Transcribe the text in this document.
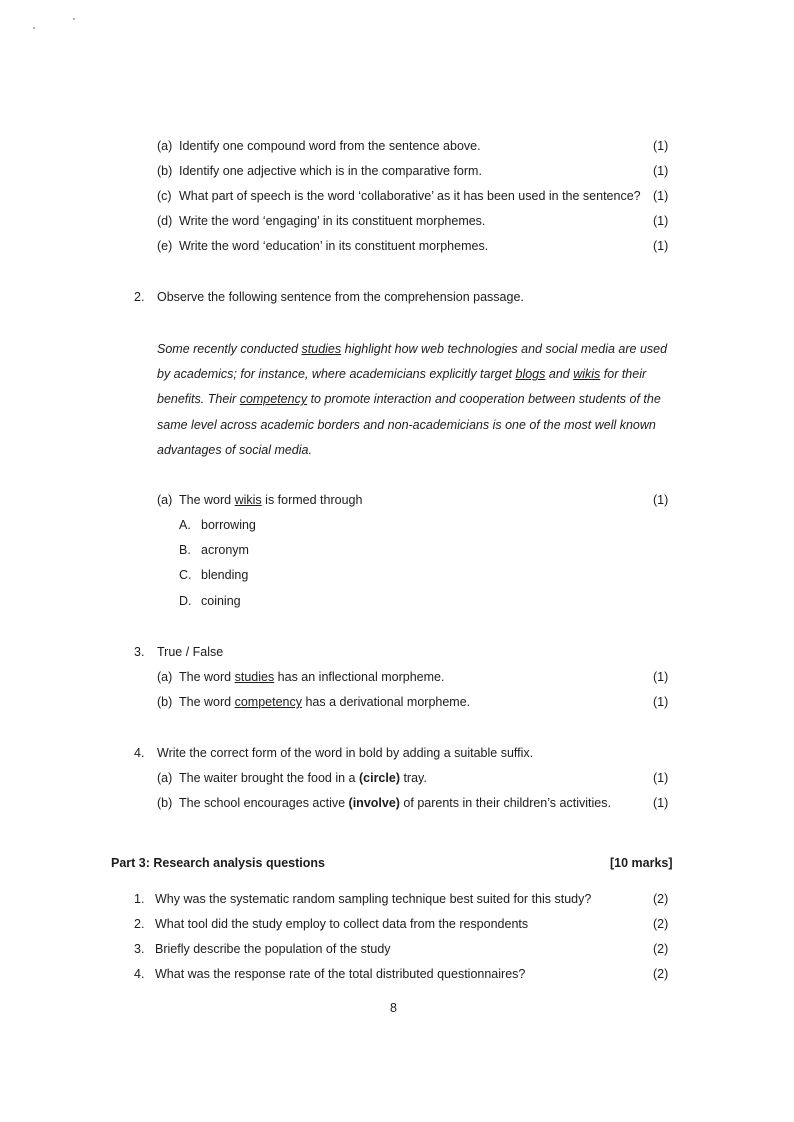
(a) Identify one compound word from the sentence above.	(1)
(b) Identify one adjective which is in the comparative form.	(1)
(c) What part of speech is the word ‘collaborative’ as it has been used in the sentence? (1)
(d) Write the word ‘engaging’ in its constituent morphemes.	(1)
(e) Write the word ‘education’ in its constituent morphemes.	(1)
2. Observe the following sentence from the comprehension passage.
Some recently conducted studies highlight how web technologies and social media are used
by academics; for instance, where academicians explicitly target blogs and wikis for their
benefits. Their competency to promote interaction and cooperation between students of the
same level across academic borders and non-academicians is one of the most well known
advantages of social media.
(a) The word wikis is formed through	(1)
A. borrowing
B. acronym
C. blending
D. coining
3. True / False
(a) The word studies has an inflectional morpheme.	(1)
(b) The word competency has a derivational morpheme.	(1)
4. Write the correct form of the word in bold by adding a suitable suffix.
(a) The waiter brought the food in a (circle) tray.	(1)
(b) The school encourages active (involve) of parents in their children’s activities.	(1)
Part 3: Research analysis questions	[10 marks]
1. Why was the systematic random sampling technique best suited for this study?	(2)
2. What tool did the study employ to collect data from the respondents	(2)
3. Briefly describe the population of the study	(2)
4. What was the response rate of the total distributed questionnaires?	(2)
8
